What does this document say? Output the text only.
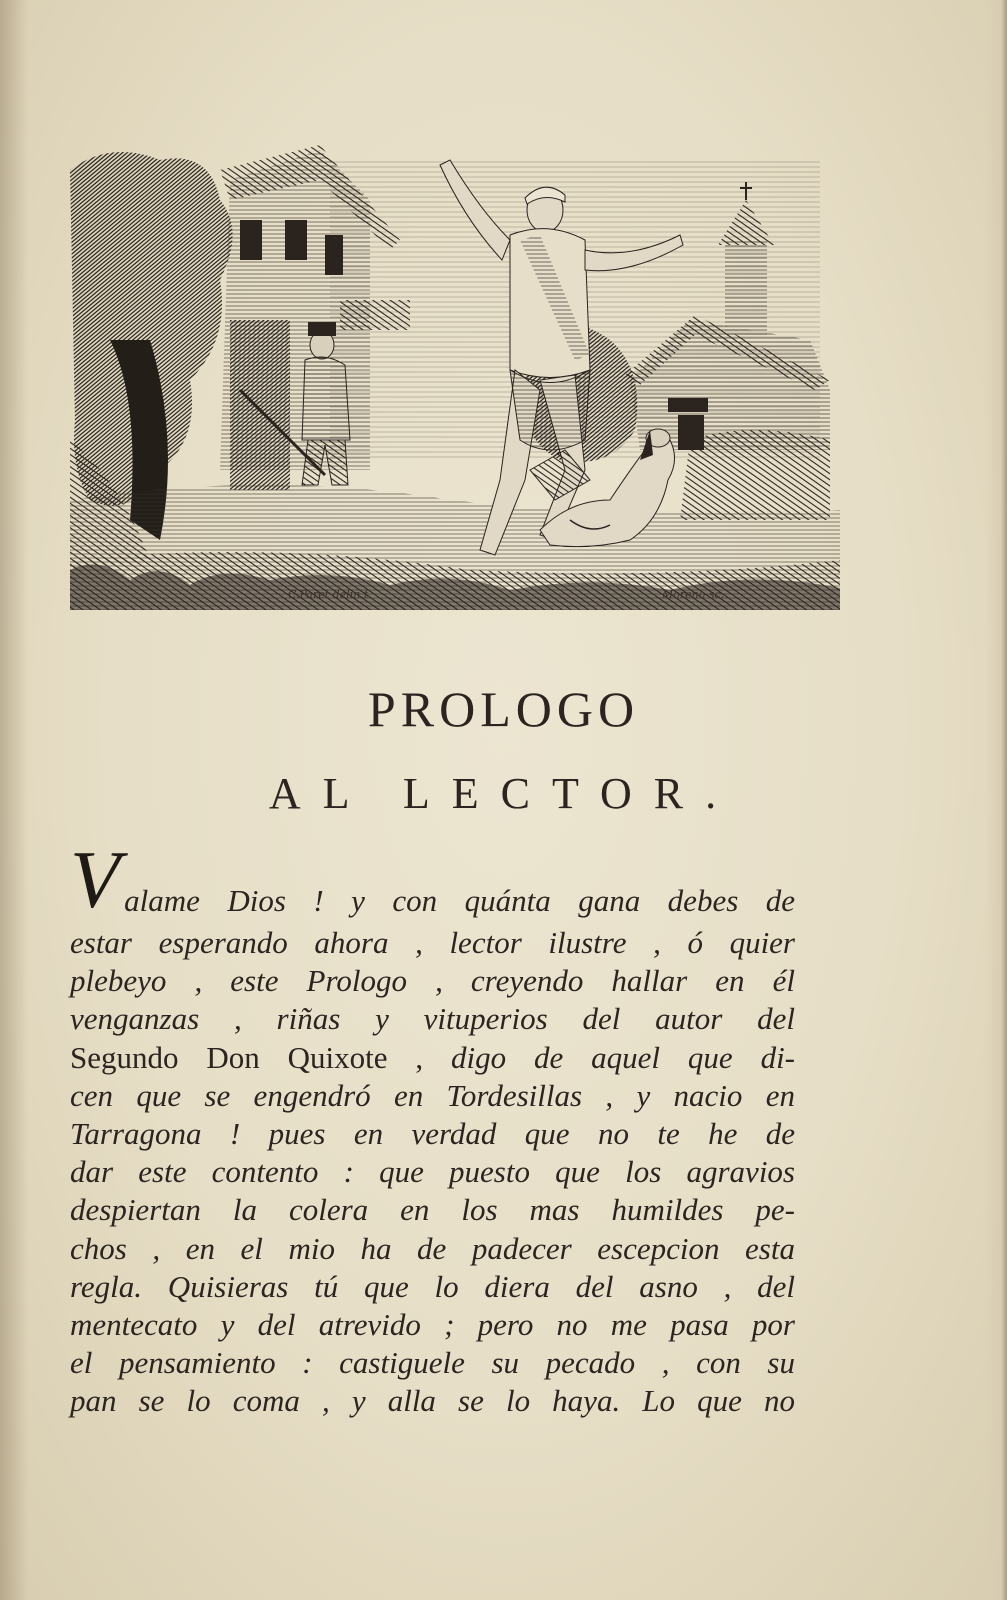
C.Paret delin.t	Moreno sc.
PROLOGO
AL LECTOR.
V alame Dios ! y con quánta gana debes de
estar esperando ahora , lector ilustre , ó quier
plebeyo , este Prologo , creyendo hallar en él
venganzas , riñas y vituperios del autor del
Segundo Don Quixote , digo de aquel que di-
cen que se engendró en Tordesillas , y nacio en
Tarragona ! pues en verdad que no te he de
dar este contento : que puesto que los agravios
despiertan la colera en los mas humildes pe-
chos , en el mio ha de padecer escepcion esta
regla. Quisieras tú que lo diera del asno , del
mentecato y del atrevido ; pero no me pasa por
el pensamiento : castiguele su pecado , con su
pan se lo coma , y alla se lo haya. Lo que no
